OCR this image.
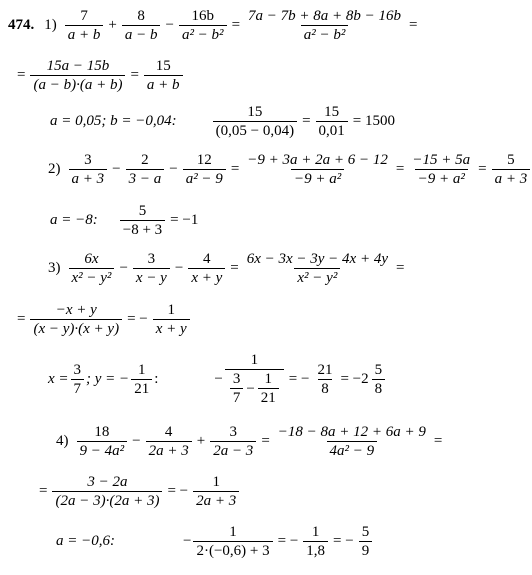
474. $1) \frac{7}{a + b} + \frac{8}{a - b} - \frac{16b}{\text{a² − b²}} = \frac{7a - 7b + 8a + 8b - 16b}{\text{a² − b²}}$ =
= $\frac{15a - 15b}{(a - b)\cdot(a + b)} = \frac{15}{a + b}$
a = 0,05; b = −0,04: $\frac{15}{(0,05 - 0,04)} = \frac{15}{0,01} = 1500$
$2) \frac{3}{a + 3} - \frac{2}{3 - a} - \frac{12}{\text{a² − 9}} = \frac{-9 + 3a + 2a + 6 - 12}{\text{−9 + a²}} = \frac{-15 + 5a}{\text{−9 + a²}} = \frac{5}{a + 3}$
a = −8: $\frac{5}{-8 + 3} = -1$
$3) \frac{6x}{\text{x² − y²}} - \frac{3}{x - y} - \frac{4}{x + y} = \frac{6x - 3x - 3y - 4x + 4y}{\text{x² − y²}}$ =
= $\frac{-x + y}{(x - y)\cdot(x + y)}$ = − $\frac{1}{x + y}$
$x = \frac{3}{7}$ ; y = − $\frac{1}{21}$ :	− $\frac{1}{\frac{3}{7} - \frac{1}{21}}$ = − $\frac{21}{8} = -2 \frac{5}{8}$
$4) \frac{18}{\text{9 − 4a²}} - \frac{4}{2a + 3} + \frac{3}{2a - 3} = \frac{-18 - 8a + 12 + 6a + 9}{\text{4a² − 9}}$ =
= $\frac{3 - 2a}{(2a - 3)\cdot(2a + 3)}$ = − $\frac{1}{2a + 3}$
a = −0,6:	− $\frac{1}{2\cdot(-0,6) + 3}$ = − $\frac{1}{1,8}$ = − $\frac{5}{9}$
